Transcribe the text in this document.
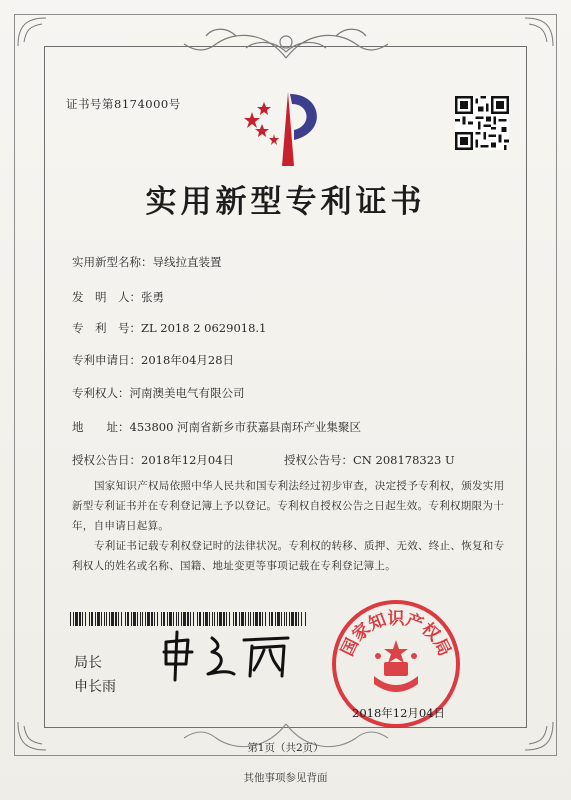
证书号第8174000号
实用新型专利证书
实用新型名称：导线拉直装置
发　明　人：张勇
专　利　号：ZL 2018 2 0629018.1
专利申请日：2018年04月28日
专利权人：河南澳美电气有限公司
地　　址：453800 河南省新乡市获嘉县南环产业集聚区
授权公告日：2018年12月04日	授权公告号：CN 208178323 U
国家知识产权局依照中华人民共和国专利法经过初步审查，决定授予专利权，颁发实用新型专利证书并在专利登记簿上予以登记。专利权自授权公告之日起生效。专利权期限为十年，自申请日起算。
专利证书记载专利权登记时的法律状况。专利权的转移、质押、无效、终止、恢复和专利权人的姓名或名称、国籍、地址变更等事项记载在专利登记簿上。
局长
申长雨
国家知识产权局
2018年12月04日
第1页（共2页）
其他事项参见背面
